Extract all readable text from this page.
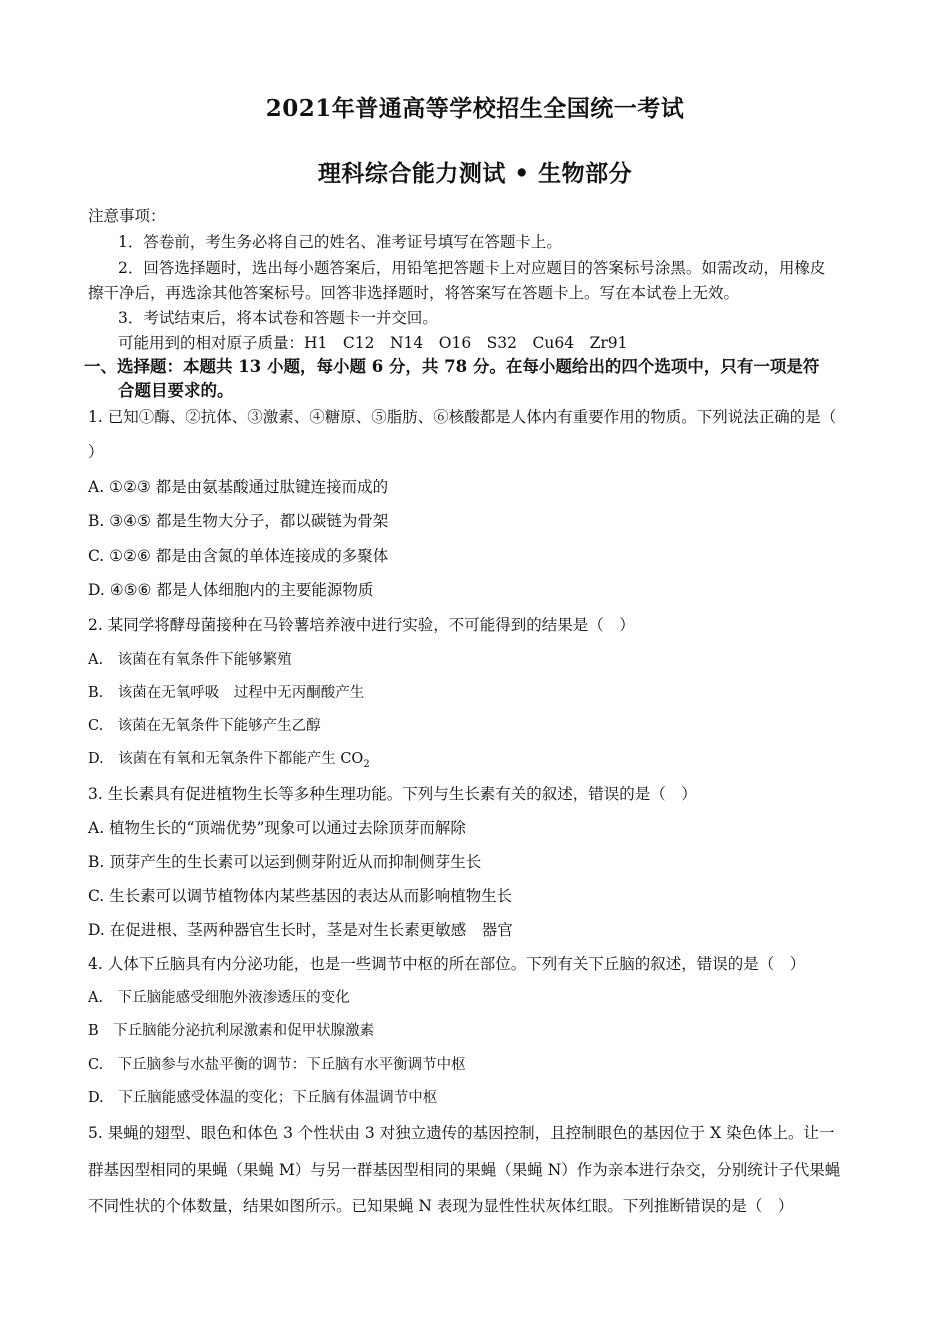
2021年普通高等学校招生全国统一考试
理科综合能力测试 • 生物部分
注意事项：
1．答卷前，考生务必将自己的姓名、准考证号填写在答题卡上。
2．回答选择题时，选出每小题答案后，用铅笔把答题卡上对应题目的答案标号涂黑。如需改动，用橡皮
擦干净后，再选涂其他答案标号。回答非选择题时，将答案写在答题卡上。写在本试卷上无效。
3．考试结束后，将本试卷和答题卡一并交回。
可能用到的相对原子质量：H1　C12　N14　O16　S32　Cu64　Zr91
一、选择题：本题共 13 小题，每小题 6 分，共 78 分。在每小题给出的四个选项中，只有一项是符
合题目要求的。
1. 已知①酶、②抗体、③激素、④糖原、⑤脂肪、⑥核酸都是人体内有重要作用的物质。下列说法正确的是（
）
A. ①②③ 都是由氨基酸通过肽键连接而成的
B. ③④⑤ 都是生物大分子，都以碳链为骨架
C. ①②⑥ 都是由含氮的单体连接成的多聚体
D. ④⑤⑥ 都是人体细胞内的主要能源物质
2. 某同学将酵母菌接种在马铃薯培养液中进行实验，不可能得到的结果是（　）
A.　该菌在有氧条件下能够繁殖
B.　该菌在无氧呼吸　过程中无丙酮酸产生
C.　该菌在无氧条件下能够产生乙醇
D.　该菌在有氧和无氧条件下都能产生 $CO_2$
3. 生长素具有促进植物生长等多种生理功能。下列与生长素有关的叙述，错误的是（　）
A. 植物生长的“顶端优势”现象可以通过去除顶芽而解除
B. 顶芽产生的生长素可以运到侧芽附近从而抑制侧芽生长
C. 生长素可以调节植物体内某些基因的表达从而影响植物生长
D. 在促进根、茎两种器官生长时，茎是对生长素更敏感　器官
4. 人体下丘脑具有内分泌功能，也是一些调节中枢的所在部位。下列有关下丘脑的叙述，错误的是（　）
A.　下丘脑能感受细胞外液渗透压的变化
B　下丘脑能分泌抗利尿激素和促甲状腺激素
C.　下丘脑参与水盐平衡的调节：下丘脑有水平衡调节中枢
D.　下丘脑能感受体温的变化；下丘脑有体温调节中枢
5. 果蝇的翅型、眼色和体色 3 个性状由 3 对独立遗传的基因控制，且控制眼色的基因位于 X 染色体上。让一
群基因型相同的果蝇（果蝇 M）与另一群基因型相同的果蝇（果蝇 N）作为亲本进行杂交，分别统计子代果蝇
不同性状的个体数量，结果如图所示。已知果蝇 N 表现为显性性状灰体红眼。下列推断错误的是（　）
